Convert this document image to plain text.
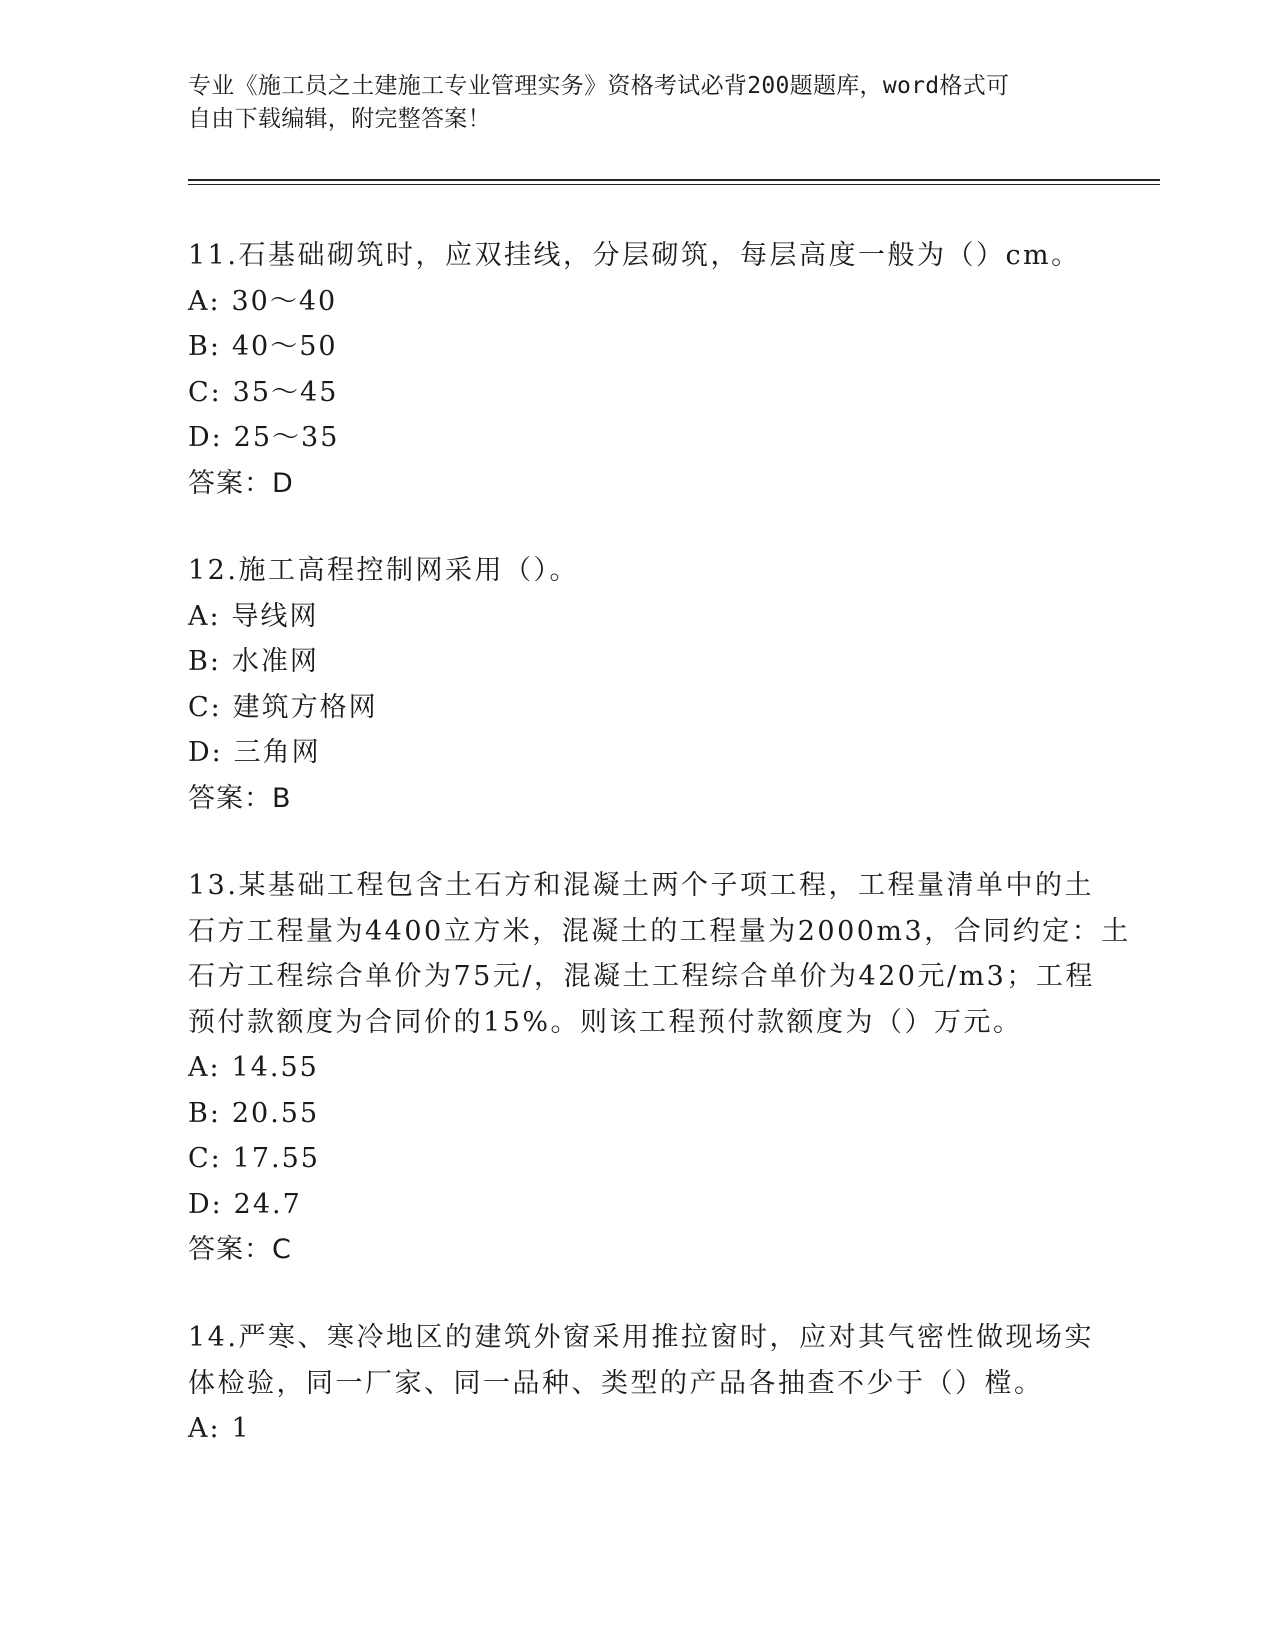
专业《施工员之土建施工专业管理实务》资格考试必背200题题库，word格式可
自由下载编辑，附完整答案！
11.石基础砌筑时，应双挂线，分层砌筑，每层高度一般为（）cm。
A: 30～40
B: 40～50
C: 35～45
D: 25～35
答案：D
12.施工高程控制网采用（）。
A: 导线网
B: 水准网
C: 建筑方格网
D: 三角网
答案：B
13.某基础工程包含土石方和混凝土两个子项工程，工程量清单中的土
石方工程量为4400立方米，混凝土的工程量为2000m3，合同约定：土
石方工程综合单价为75元/，混凝土工程综合单价为420元/m3；工程
预付款额度为合同价的15%。则该工程预付款额度为（）万元。
A: 14.55
B: 20.55
C: 17.55
D: 24.7
答案：C
14.严寒、寒冷地区的建筑外窗采用推拉窗时，应对其气密性做现场实
体检验，同一厂家、同一品种、类型的产品各抽查不少于（）樘。
A: 1
